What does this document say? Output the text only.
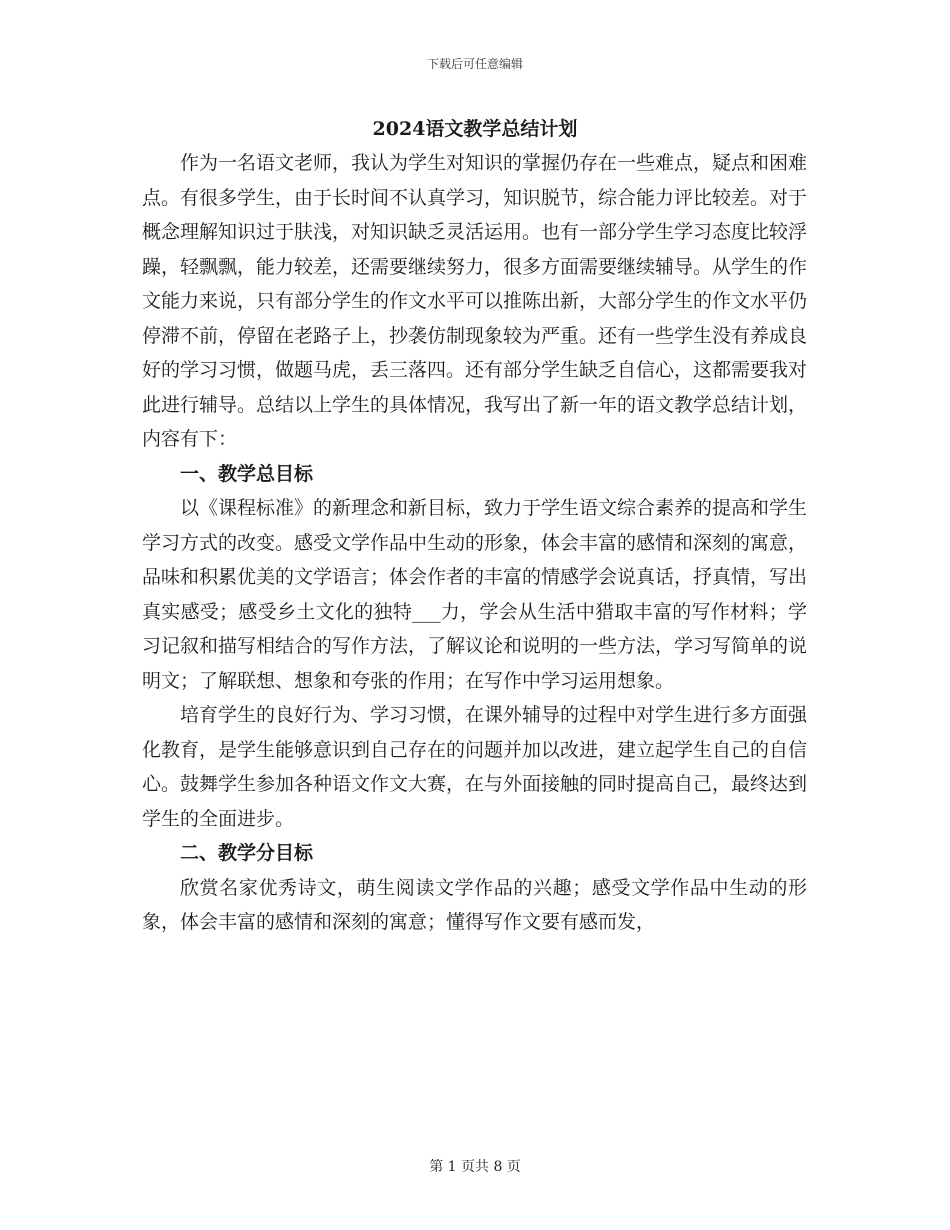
下载后可任意编辑
2024语文教学总结计划

作为一名语文老师，我认为学生对知识的掌握仍存在一些难点，疑点和困难点。有很多学生，由于长时间不认真学习，知识脱节，综合能力评比较差。对于概念理解知识过于肤浅，对知识缺乏灵活运用。也有一部分学生学习态度比较浮躁，轻飘飘，能力较差，还需要继续努力，很多方面需要继续辅导。从学生的作文能力来说，只有部分学生的作文水平可以推陈出新，大部分学生的作文水平仍停滞不前，停留在老路子上，抄袭仿制现象较为严重。还有一些学生没有养成良好的学习习惯，做题马虎，丢三落四。还有部分学生缺乏自信心，这都需要我对此进行辅导。总结以上学生的具体情况，我写出了新一年的语文教学总结计划，内容有下：

一、教学总目标

以《课程标准》的新理念和新目标，致力于学生语文综合素养的提高和学生学习方式的改变。感受文学作品中生动的形象，体会丰富的感情和深刻的寓意，品味和积累优美的文学语言；体会作者的丰富的情感学会说真话，抒真情，写出真实感受；感受乡土文化的独特___力，学会从生活中猎取丰富的写作材料；学习记叙和描写相结合的写作方法，了解议论和说明的一些方法，学习写简单的说明文；了解联想、想象和夸张的作用；在写作中学习运用想象。

培育学生的良好行为、学习习惯，在课外辅导的过程中对学生进行多方面强化教育，是学生能够意识到自己存在的问题并加以改进，建立起学生自己的自信心。鼓舞学生参加各种语文作文大赛，在与外面接触的同时提高自己，最终达到学生的全面进步。

二、教学分目标

欣赏名家优秀诗文，萌生阅读文学作品的兴趣；感受文学作品中生动的形象，体会丰富的感情和深刻的寓意；懂得写作文要有感而发，

第 1 页共 8 页
